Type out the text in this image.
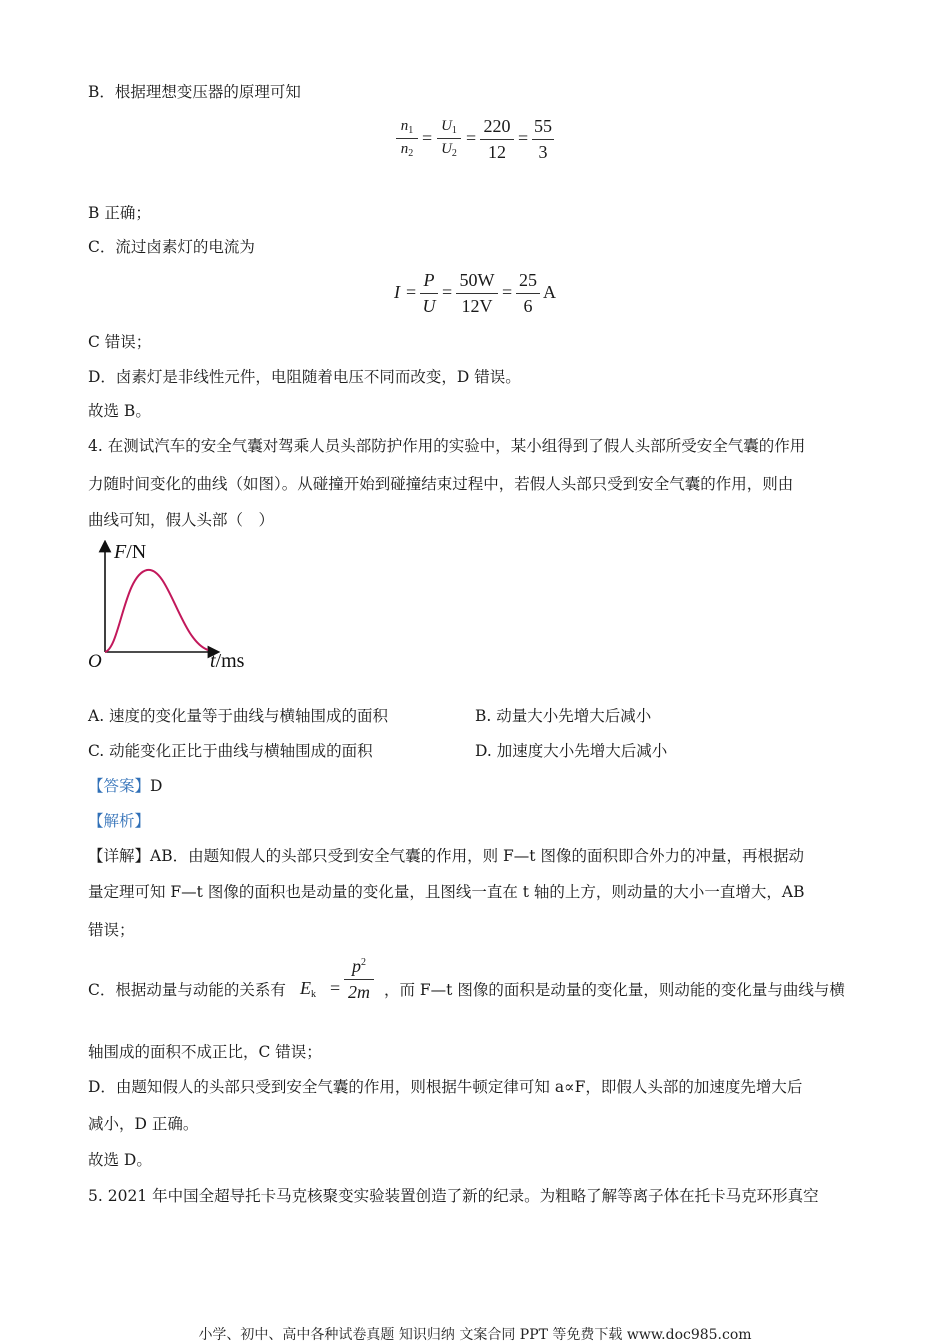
B．根据理想变压器的原理可知
$n_1$
$n_2$
=
$U_1$
$U_2$
=
220
12
=
55
3
B 正确；
C．流过卤素灯的电流为
I =
P
U
=
50W
12V
=
25
6
A
C 错误；
D．卤素灯是非线性元件，电阻随着电压不同而改变，D 错误。
故选 B。
4. 在测试汽车的安全气囊对驾乘人员头部防护作用的实验中，某小组得到了假人头部所受安全气囊的作用
力随时间变化的曲线（如图）。从碰撞开始到碰撞结束过程中，若假人头部只受到安全气囊的作用，则由
曲线可知，假人头部（　）
F/N
O	t/ms
A. 速度的变化量等于曲线与横轴围成的面积	B. 动量大小先增大后减小
C. 动能变化正比于曲线与横轴围成的面积	D. 加速度大小先增大后减小
【答案】D
【解析】
【详解】AB．由题知假人的头部只受到安全气囊的作用，则 F—t 图像的面积即合外力的冲量，再根据动
量定理可知 F—t 图像的面积也是动量的变化量，且图线一直在 t 轴的上方，则动量的大小一直增大，AB
错误；
C．根据动量与动能的关系有 $E_k$ =
$p^2$
2m ，而 F—t 图像的面积是动量的变化量，则动能的变化量与曲线与横
轴围成的面积不成正比，C 错误；
D．由题知假人的头部只受到安全气囊的作用，则根据牛顿定律可知 a∝F，即假人头部的加速度先增大后
减小，D 正确。
故选 D。
5. 2021 年中国全超导托卡马克核聚变实验装置创造了新的纪录。为粗略了解等离子体在托卡马克环形真空
小学、初中、高中各种试卷真题 知识归纳 文案合同 PPT 等免费下载 www.doc985.com
